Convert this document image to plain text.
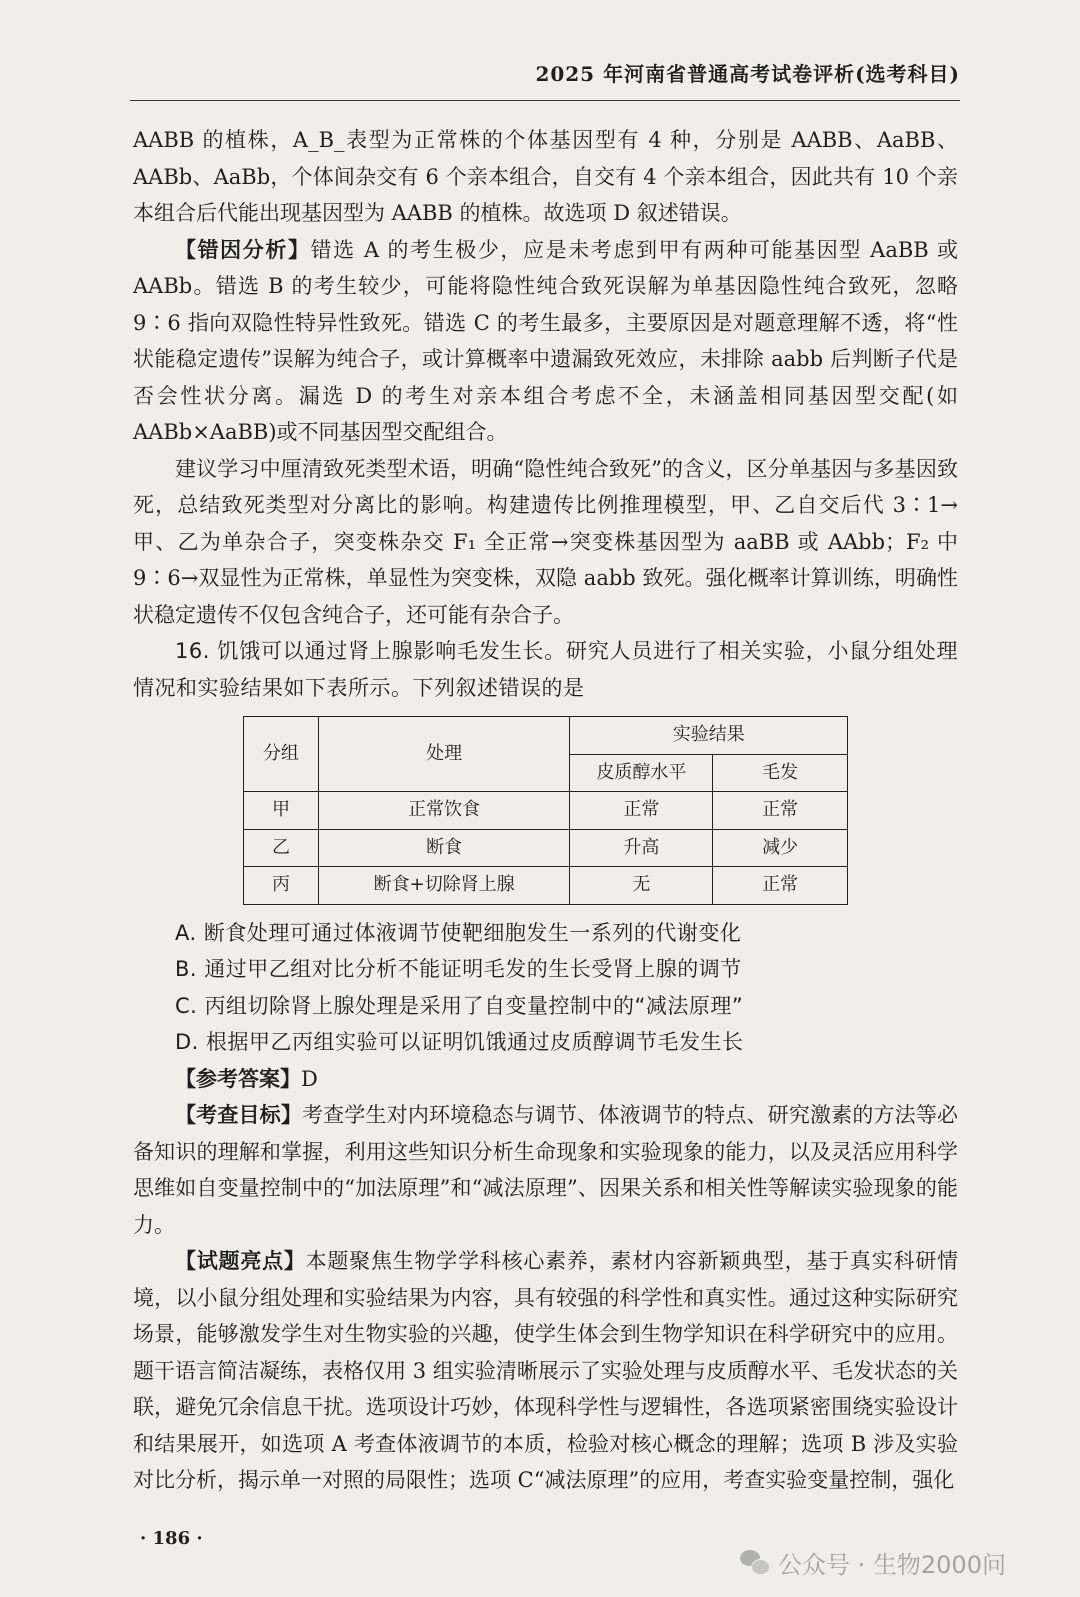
2025 年河南省普通高考试卷评析(选考科目)

AABB 的植株，A_B_表型为正常株的个体基因型有 4 种，分别是 AABB、AaBB、AABb、AaBb，个体间杂交有 6 个亲本组合，自交有 4 个亲本组合，因此共有 10 个亲本组合后代能出现基因型为 AABB 的植株。故选项 D 叙述错误。

【错因分析】错选 A 的考生极少，应是未考虑到甲有两种可能基因型 AaBB 或 AABb。错选 B 的考生较少，可能将隐性纯合致死误解为单基因隐性纯合致死，忽略 9∶6 指向双隐性特异性致死。错选 C 的考生最多，主要原因是对题意理解不透，将“性状能稳定遗传”误解为纯合子，或计算概率中遗漏致死效应，未排除 aabb 后判断子代是否会性状分离。漏选 D 的考生对亲本组合考虑不全，未涵盖相同基因型交配(如 AABb×AaBB)或不同基因型交配组合。

建议学习中厘清致死类型术语，明确“隐性纯合致死”的含义，区分单基因与多基因致死，总结致死类型对分离比的影响。构建遗传比例推理模型，甲、乙自交后代 3∶1→甲、乙为单杂合子，突变株杂交 F₁ 全正常→突变株基因型为 aaBB 或 AAbb；F₂ 中 9∶6→双显性为正常株，单显性为突变株，双隐 aabb 致死。强化概率计算训练，明确性状稳定遗传不仅包含纯合子，还可能有杂合子。

16. 饥饿可以通过肾上腺影响毛发生长。研究人员进行了相关实验，小鼠分组处理情况和实验结果如下表所示。下列叙述错误的是

分组	处理	实验结果	
		皮质醇水平	毛发
甲	正常饮食	正常	正常
乙	断食	升高	减少
丙	断食+切除肾上腺	无	正常

A. 断食处理可通过体液调节使靶细胞发生一系列的代谢变化

B. 通过甲乙组对比分析不能证明毛发的生长受肾上腺的调节

C. 丙组切除肾上腺处理是采用了自变量控制中的“减法原理”

D. 根据甲乙丙组实验可以证明饥饿通过皮质醇调节毛发生长

【参考答案】D

【考查目标】考查学生对内环境稳态与调节、体液调节的特点、研究激素的方法等必备知识的理解和掌握，利用这些知识分析生命现象和实验现象的能力，以及灵活应用科学思维如自变量控制中的“加法原理”和“减法原理”、因果关系和相关性等解读实验现象的能力。

【试题亮点】本题聚焦生物学学科核心素养，素材内容新颖典型，基于真实科研情境，以小鼠分组处理和实验结果为内容，具有较强的科学性和真实性。通过这种实际研究场景，能够激发学生对生物实验的兴趣，使学生体会到生物学知识在科学研究中的应用。题干语言简洁凝练，表格仅用 3 组实验清晰展示了实验处理与皮质醇水平、毛发状态的关联，避免冗余信息干扰。选项设计巧妙，体现科学性与逻辑性，各选项紧密围绕实验设计和结果展开，如选项 A 考查体液调节的本质，检验对核心概念的理解；选项 B 涉及实验对比分析，揭示单一对照的局限性；选项 C“减法原理”的应用，考查实验变量控制，强化

· 186 ·
公众号 · 生物2000问
